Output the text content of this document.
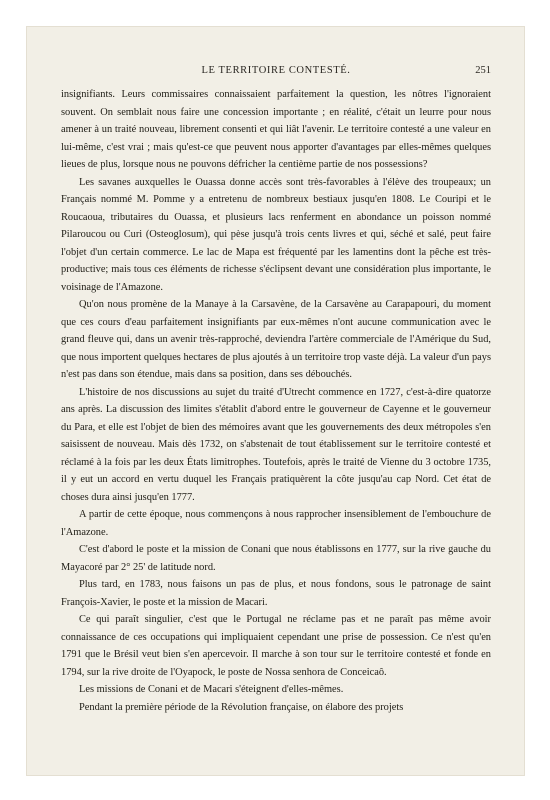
LE TERRITOIRE CONTESTÉ.	251

insignifiants. Leurs commissaires connaissaient parfaitement la question, les nôtres l'ignoraient souvent. On semblait nous faire une concession importante ; en réalité, c'était un leurre pour nous amener à un traité nouveau, librement consenti et qui liât l'avenir. Le territoire contesté a une valeur en lui-même, c'est vrai ; mais qu'est-ce que peuvent nous apporter d'avantages par elles-mêmes quelques lieues de plus, lorsque nous ne pouvons défricher la centième partie de nos possessions?

Les savanes auxquelles le Ouassa donne accès sont très-favorables à l'élève des troupeaux; un Français nommé M. Pomme y a entretenu de nombreux bestiaux jusqu'en 1808. Le Couripi et le Roucaoua, tributaires du Ouassa, et plusieurs lacs renferment en abondance un poisson nommé Pilaroucou ou Curi (Osteoglosum), qui pèse jusqu'à trois cents livres et qui, séché et salé, peut faire l'objet d'un certain commerce. Le lac de Mapa est fréquenté par les lamentins dont la pêche est très-productive; mais tous ces éléments de richesse s'éclipsent devant une considération plus importante, le voisinage de l'Amazone.

Qu'on nous promène de la Manaye à la Carsavène, de la Carsavène au Carapapouri, du moment que ces cours d'eau parfaitement insignifiants par eux-mêmes n'ont aucune communication avec le grand fleuve qui, dans un avenir très-rapproché, deviendra l'artère commerciale de l'Amérique du Sud, que nous importent quelques hectares de plus ajoutés à un territoire trop vaste déjà. La valeur d'un pays n'est pas dans son étendue, mais dans sa position, dans ses débouchés.

L'histoire de nos discussions au sujet du traité d'Utrecht commence en 1727, c'est-à-dire quatorze ans après. La discussion des limites s'établit d'abord entre le gouverneur de Cayenne et le gouverneur du Para, et elle est l'objet de bien des mémoires avant que les gouvernements des deux métropoles s'en saisissent de nouveau. Mais dès 1732, on s'abstenait de tout établissement sur le territoire contesté et réclamé à la fois par les deux États limitrophes. Toutefois, après le traité de Vienne du 3 octobre 1735, il y eut un accord en vertu duquel les Français pratiquèrent la côte jusqu'au cap Nord. Cet état de choses dura ainsi jusqu'en 1777.

A partir de cette époque, nous commençons à nous rapprocher insensiblement de l'embouchure de l'Amazone.

C'est d'abord le poste et la mission de Conani que nous établissons en 1777, sur la rive gauche du Mayacoré par 2° 25' de latitude nord.

Plus tard, en 1783, nous faisons un pas de plus, et nous fondons, sous le patronage de saint François-Xavier, le poste et la mission de Macari.

Ce qui paraît singulier, c'est que le Portugal ne réclame pas et ne paraît pas même avoir connaissance de ces occupations qui impliquaient cependant une prise de possession. Ce n'est qu'en 1791 que le Brésil veut bien s'en apercevoir. Il marche à son tour sur le territoire contesté et fonde en 1794, sur la rive droite de l'Oyapock, le poste de Nossa senhora de Conceicaô.

Les missions de Conani et de Macari s'éteignent d'elles-mêmes.

Pendant la première période de la Révolution française, on élabore des projets
